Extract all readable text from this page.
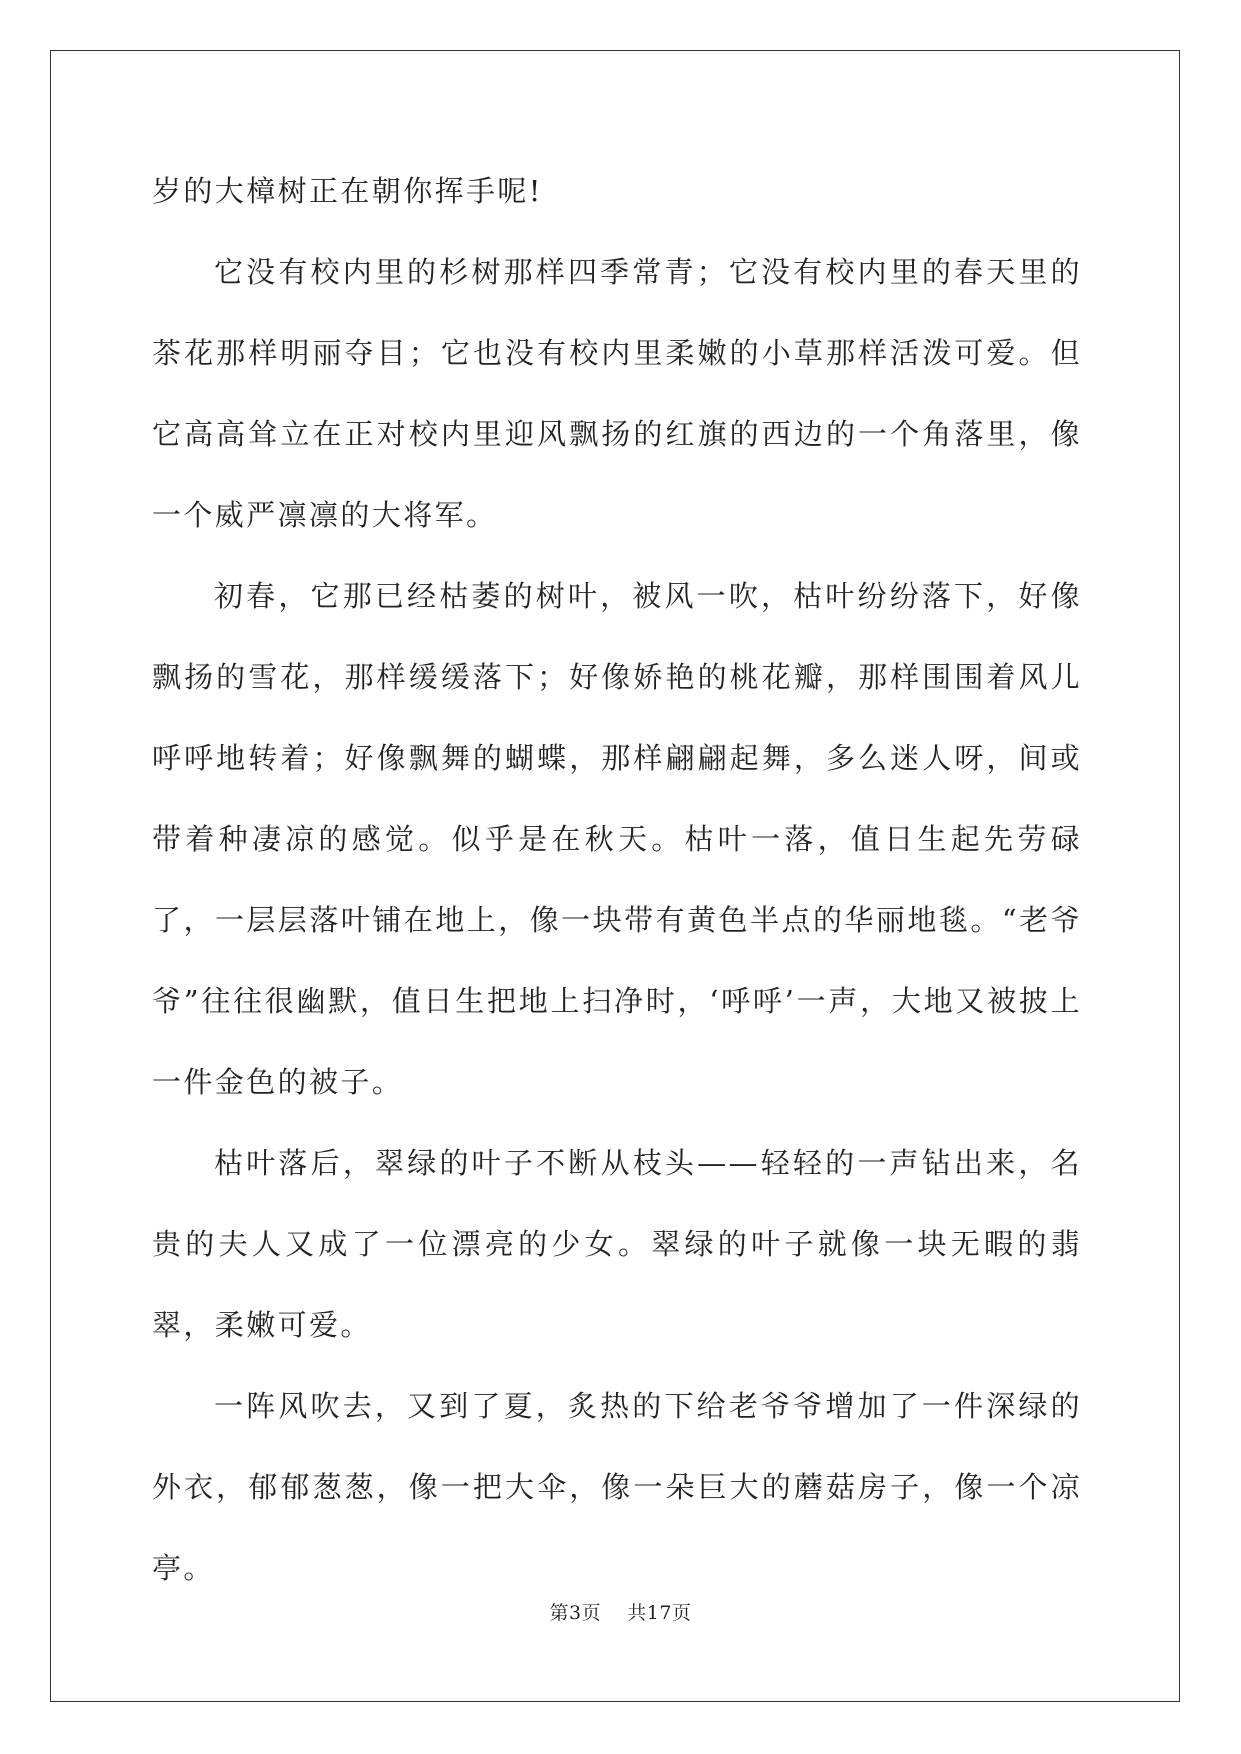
岁的大樟树正在朝你挥手呢!

它没有校内里的杉树那样四季常青；它没有校内里的春天里的茶花那样明丽夺目；它也没有校内里柔嫩的小草那样活泼可爱。但它高高耸立在正对校内里迎风飘扬的红旗的西边的一个角落里，像一个威严凛凛的大将军。

初春，它那已经枯萎的树叶，被风一吹，枯叶纷纷落下，好像飘扬的雪花，那样缓缓落下；好像娇艳的桃花瓣，那样围围着风儿呼呼地转着；好像飘舞的蝴蝶，那样翩翩起舞，多么迷人呀，间或带着种凄凉的感觉。似乎是在秋天。枯叶一落，值日生起先劳碌了，一层层落叶铺在地上，像一块带有黄色半点的华丽地毯。“老爷爷”往往很幽默，值日生把地上扫净时，‘呼呼’一声，大地又被披上一件金色的被子。

枯叶落后，翠绿的叶子不断从枝头——轻轻的一声钻出来，名贵的夫人又成了一位漂亮的少女。翠绿的叶子就像一块无暇的翡翠，柔嫩可爱。

一阵风吹去，又到了夏，炙热的下给老爷爷增加了一件深绿的外衣，郁郁葱葱，像一把大伞，像一朵巨大的蘑菇房子，像一个凉亭。

第3页 共17页
